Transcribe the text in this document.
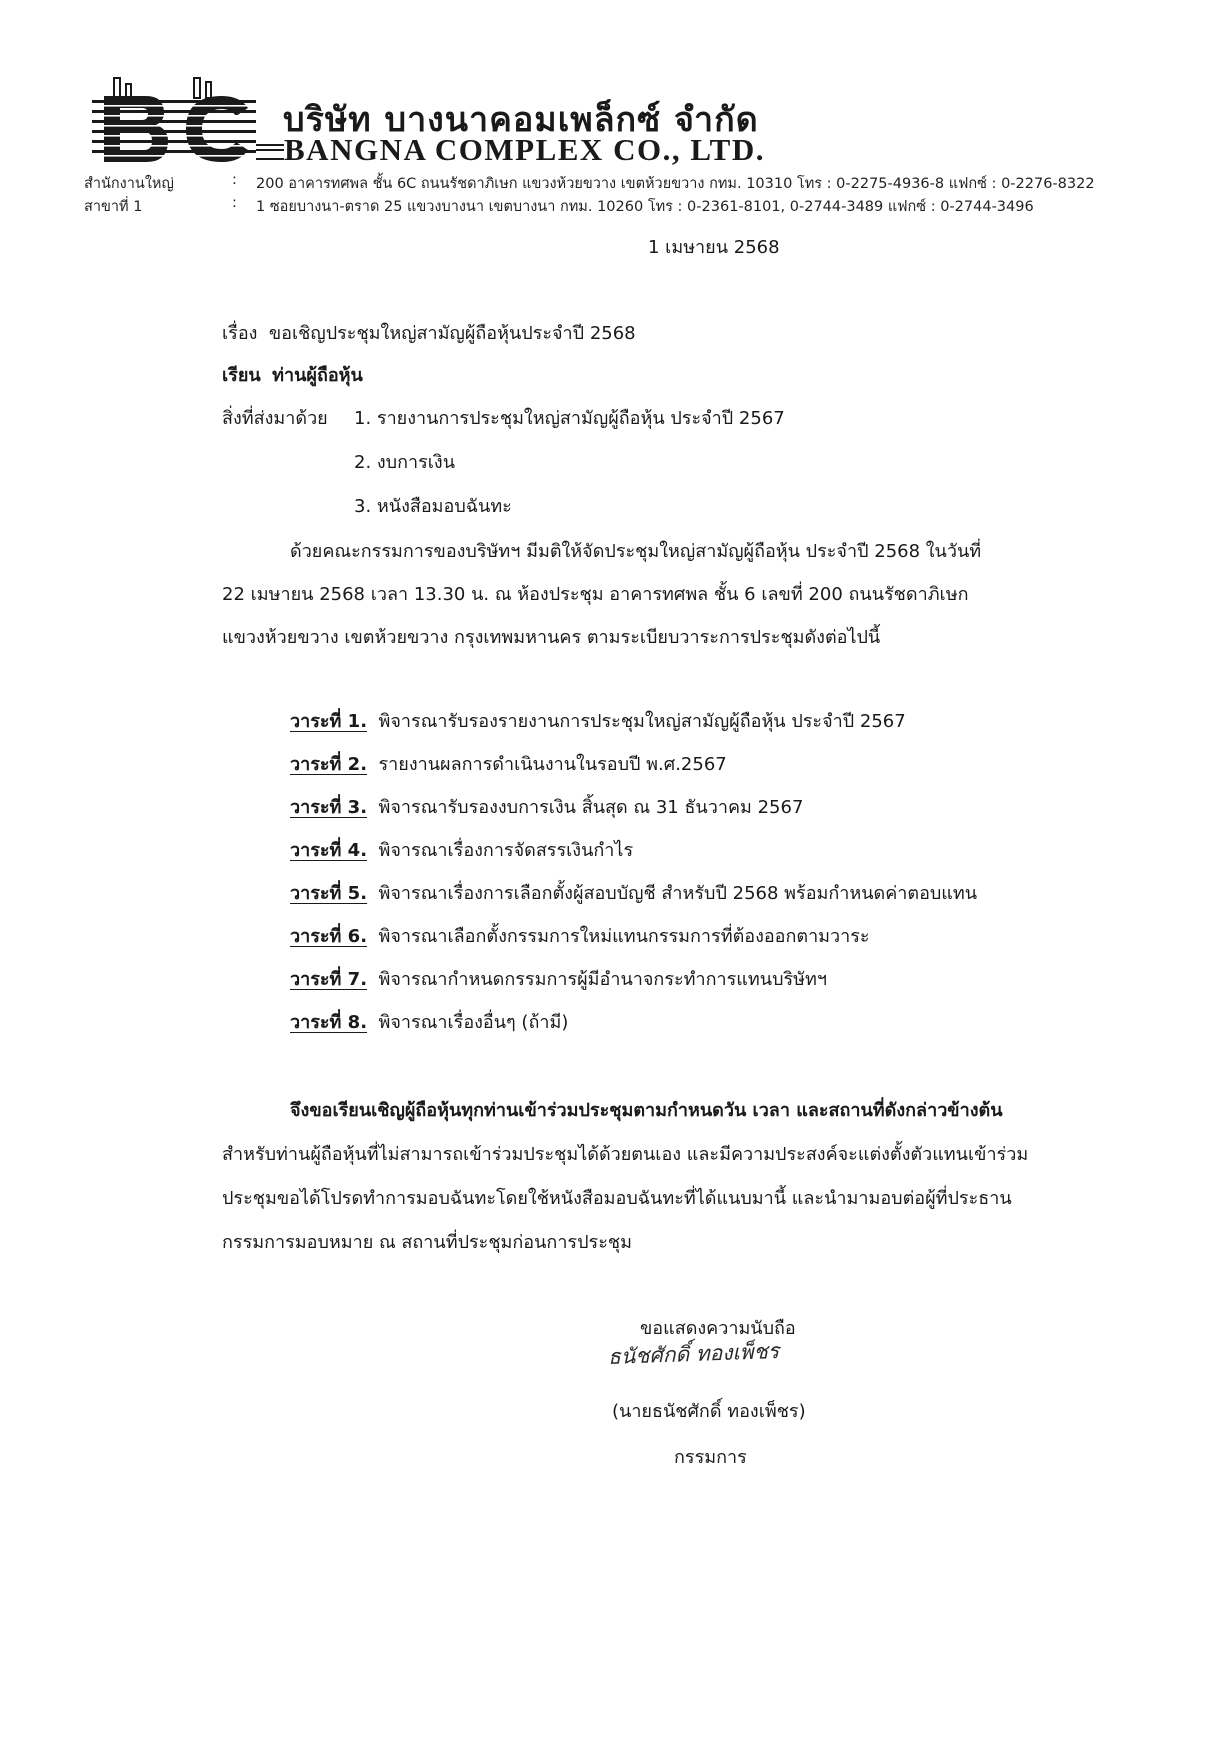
บริษัท บางนาคอมเพล็กซ์ จำกัด
BANGNA COMPLEX CO., LTD.
สำนักงานใหญ่	: 200 อาคารทศพล ชั้น 6C ถนนรัชดาภิเษก แขวงห้วยขวาง เขตห้วยขวาง กทม. 10310 โทร : 0-2275-4936-8 แฟกซ์ : 0-2276-8322
สาขาที่ 1	: 1 ซอยบางนา-ตราด 25 แขวงบางนา เขตบางนา กทม. 10260 โทร : 0-2361-8101, 0-2744-3489 แฟกซ์ : 0-2744-3496
1 เมษายน 2568
เรื่อง ขอเชิญประชุมใหญ่สามัญผู้ถือหุ้นประจำปี 2568
เรียน ท่านผู้ถือหุ้น
สิ่งที่ส่งมาด้วย 1. รายงานการประชุมใหญ่สามัญผู้ถือหุ้น ประจำปี 2567
2. งบการเงิน
3. หนังสือมอบฉันทะ
ด้วยคณะกรรมการของบริษัทฯ มีมติให้จัดประชุมใหญ่สามัญผู้ถือหุ้น ประจำปี 2568 ในวันที่
22 เมษายน 2568 เวลา 13.30 น. ณ ห้องประชุม อาคารทศพล ชั้น 6 เลขที่ 200 ถนนรัชดาภิเษก
แขวงห้วยขวาง เขตห้วยขวาง กรุงเทพมหานคร ตามระเบียบวาระการประชุมดังต่อไปนี้
วาระที่ 1. พิจารณารับรองรายงานการประชุมใหญ่สามัญผู้ถือหุ้น ประจำปี 2567
วาระที่ 2. รายงานผลการดำเนินงานในรอบปี พ.ศ.2567
วาระที่ 3. พิจารณารับรองงบการเงิน สิ้นสุด ณ 31 ธันวาคม 2567
วาระที่ 4. พิจารณาเรื่องการจัดสรรเงินกำไร
วาระที่ 5. พิจารณาเรื่องการเลือกตั้งผู้สอบบัญชี สำหรับปี 2568 พร้อมกำหนดค่าตอบแทน
วาระที่ 6. พิจารณาเลือกตั้งกรรมการใหม่แทนกรรมการที่ต้องออกตามวาระ
วาระที่ 7. พิจารณากำหนดกรรมการผู้มีอำนาจกระทำการแทนบริษัทฯ
วาระที่ 8. พิจารณาเรื่องอื่นๆ (ถ้ามี)
จึงขอเรียนเชิญผู้ถือหุ้นทุกท่านเข้าร่วมประชุมตามกำหนดวัน เวลา และสถานที่ดังกล่าวข้างต้น
สำหรับท่านผู้ถือหุ้นที่ไม่สามารถเข้าร่วมประชุมได้ด้วยตนเอง และมีความประสงค์จะแต่งตั้งตัวแทนเข้าร่วม
ประชุมขอได้โปรดทำการมอบฉันทะโดยใช้หนังสือมอบฉันทะที่ได้แนบมานี้ และนำมามอบต่อผู้ที่ประธาน
กรรมการมอบหมาย ณ สถานที่ประชุมก่อนการประชุม
ขอแสดงความนับถือ
ธนัชศักดิ์ ทองเพ็ชร
(นายธนัชศักดิ์ ทองเพ็ชร)
กรรมการ
